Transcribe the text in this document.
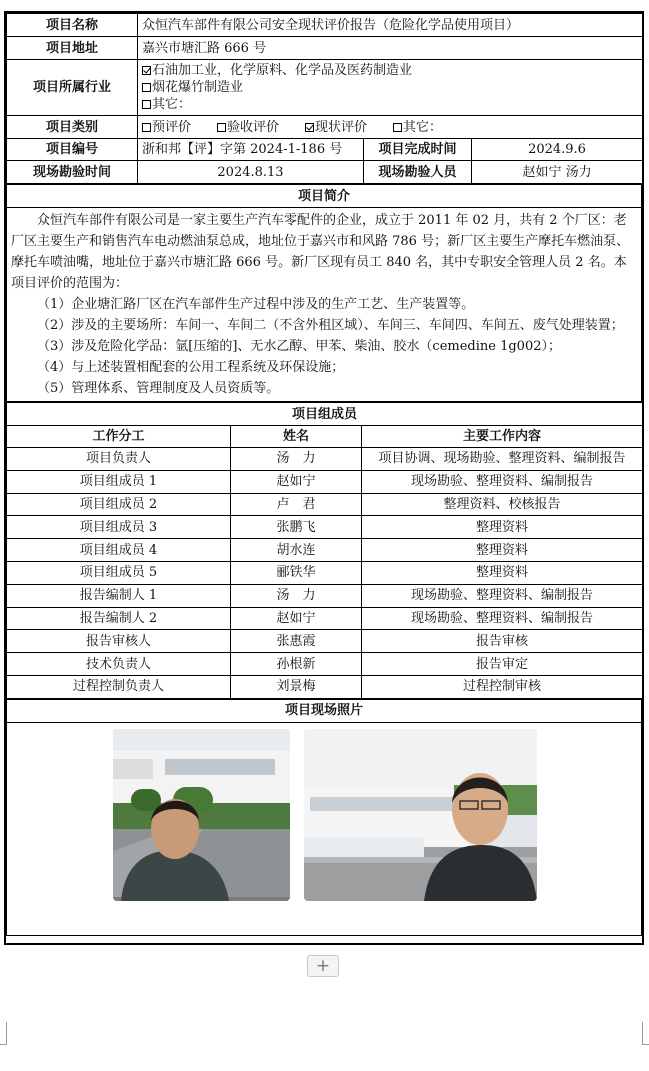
项目名称	众恒汽车部件有限公司安全现状评价报告（危险化学品使用项目）		
项目地址	嘉兴市塘汇路 666 号		
项目所属行业	石油加工业，化学原料、化学品及医药制造业
烟花爆竹制造业
其它：		

项目类别	预评价 验收评价 现状评价 其它：		
项目编号	浙和邦【评】字第 2024-1-186 号	项目完成时间	2024.9.6
现场勘验时间	2024.8.13	现场勘验人员	赵如宁 汤力
项目简介

众恒汽车部件有限公司是一家主要生产汽车零配件的企业，成立于 2011 年 02 月，共有 2 个厂区：老厂区主要生产和销售汽车电动燃油泵总成，地址位于嘉兴市和风路 786 号；新厂区主要生产摩托车燃油泵、摩托车喷油嘴，地址位于嘉兴市塘汇路 666 号。新厂区现有员工 840 名，其中专职安全管理人员 2 名。本项目评价的范围为：

（1）企业塘汇路厂区在汽车部件生产过程中涉及的生产工艺、生产装置等。

（2）涉及的主要场所：车间一、车间二（不含外租区域）、车间三、车间四、车间五、废气处理装置；

（3）涉及危险化学品：氩[压缩的]、无水乙醇、甲苯、柴油、胶水（cemedine 1g002）；

（4）与上述装置相配套的公用工程系统及环保设施；

（5）管理体系、管理制度及人员资质等。

项目组成员		
工作分工	姓名	主要工作内容
项目负责人	汤　力	项目协调、现场勘验、整理资料、编制报告
项目组成员 1	赵如宁	现场勘验、整理资料、编制报告
项目组成员 2	卢　君	整理资料、校核报告
项目组成员 3	张鹏飞	整理资料
项目组成员 4	胡水连	整理资料
项目组成员 5	郦铁华	整理资料
报告编制人 1	汤　力	现场勘验、整理资料、编制报告
报告编制人 2	赵如宁	现场勘验、整理资料、编制报告
报告审核人	张惠霞	报告审核
技术负责人	孙根新	报告审定
过程控制负责人	刘景梅	过程控制审核
项目现场照片

+
